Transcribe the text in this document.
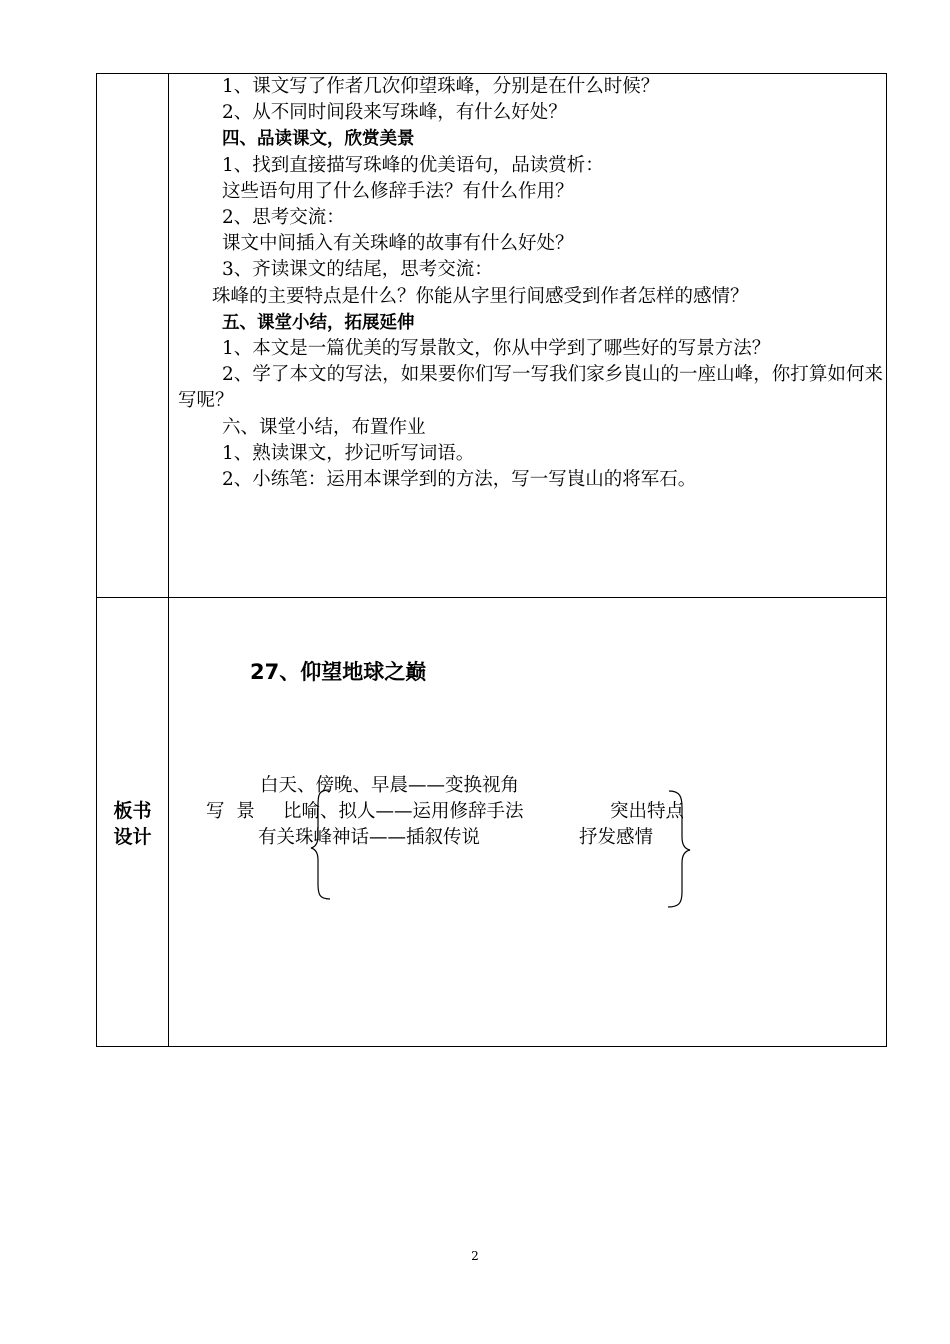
1、课文写了作者几次仰望珠峰，分别是在什么时候？
2、从不同时间段来写珠峰，有什么好处？
四、品读课文，欣赏美景
1、找到直接描写珠峰的优美语句，品读赏析：
这些语句用了什么修辞手法？有什么作用？
2、思考交流：
课文中间插入有关珠峰的故事有什么好处？
3、齐读课文的结尾，思考交流：
珠峰的主要特点是什么？你能从字里行间感受到作者怎样的感情？
五、课堂小结，拓展延伸
1、本文是一篇优美的写景散文，你从中学到了哪些好的写景方法？
2、学了本文的写法，如果要你们写一写我们家乡崀山的一座山峰，你打算如何来写呢？
六、课堂小结，布置作业
1、熟读课文，抄记听写词语。
2、小练笔：运用本课学到的方法，写一写崀山的将军石。
板书
设计
27、仰望地球之巅
白天、傍晚、早晨——变换视角
写  景 比喻、拟人——运用修辞手法	突出特点
有关珠峰神话——插叙传说	抒发感情
2
